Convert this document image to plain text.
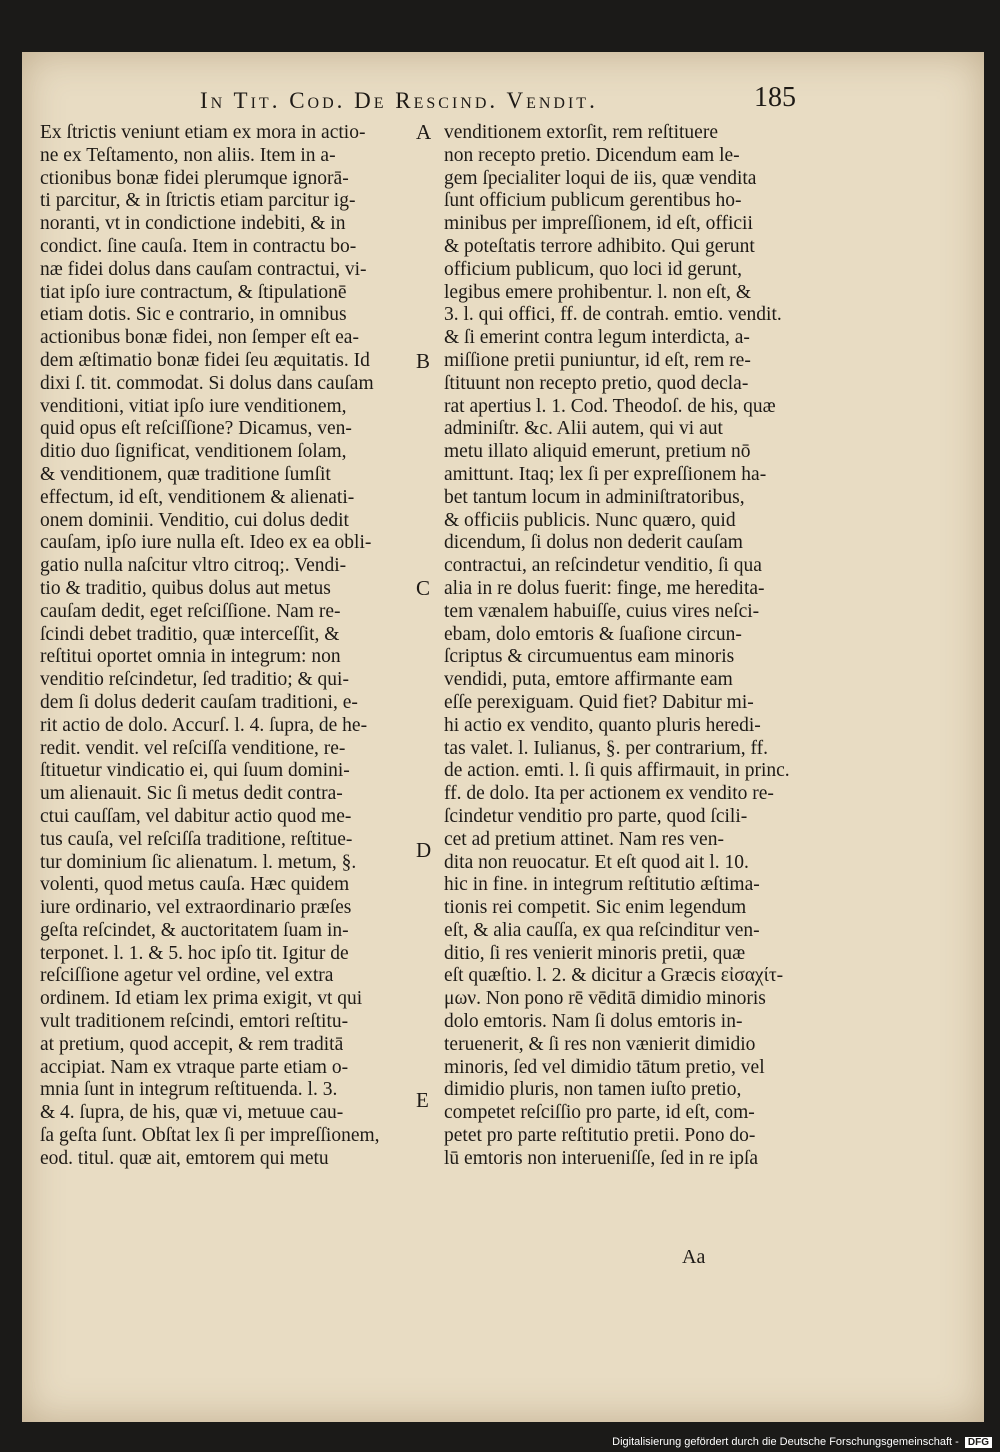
In Tit. Cod. De Rescind. Vendit.	185
Ex ſtrictis veniunt etiam ex mora in actio-
ne ex Teſtamento, non aliis. Item in a-
ctionibus bonæ fidei plerumque ignorā-
ti parcitur, & in ſtrictis etiam parcitur ig-
noranti, vt in condictione indebiti, & in
condict. ſine cauſa. Item in contractu bo-
næ fidei dolus dans cauſam contractui, vi-
tiat ipſo iure contractum, & ſtipulationē
etiam dotis. Sic e contrario, in omnibus
actionibus bonæ fidei, non ſemper eſt ea-
dem æſtimatio bonæ fidei ſeu æquitatis. Id
dixi ſ. tit. commodat. Si dolus dans cauſam
venditioni, vitiat ipſo iure venditionem,
quid opus eſt reſciſſione? Dicamus, ven-
ditio duo ſignificat, venditionem ſolam,
& venditionem, quæ traditione ſumſit
effectum, id eſt, venditionem & alienati-
onem dominii. Venditio, cui dolus dedit
cauſam, ipſo iure nulla eſt. Ideo ex ea obli-
gatio nulla naſcitur vltro citroq;. Vendi-
tio & traditio, quibus dolus aut metus
cauſam dedit, eget reſciſſione. Nam re-
ſcindi debet traditio, quæ interceſſit, &
reſtitui oportet omnia in integrum: non
venditio reſcindetur, ſed traditio; & qui-
dem ſi dolus dederit cauſam traditioni, e-
rit actio de dolo. Accurſ. l. 4. ſupra, de he-
redit. vendit. vel reſciſſa venditione, re-
ſtituetur vindicatio ei, qui ſuum domini-
um alienauit. Sic ſi metus dedit contra-
ctui cauſſam, vel dabitur actio quod me-
tus cauſa, vel reſciſſa traditione, reſtitue-
tur dominium ſic alienatum. l. metum, §.
volenti, quod metus cauſa. Hæc quidem
iure ordinario, vel extraordinario præſes
geſta reſcindet, & auctoritatem ſuam in-
terponet. l. 1. & 5. hoc ipſo tit. Igitur de
reſciſſione agetur vel ordine, vel extra
ordinem. Id etiam lex prima exigit, vt qui
vult traditionem reſcindi, emtori reſtitu-
at pretium, quod accepit, & rem traditā
accipiat. Nam ex vtraque parte etiam o-
mnia ſunt in integrum reſtituenda. l. 3.
& 4. ſupra, de his, quæ vi, metuue cau-
ſa geſta ſunt. Obſtat lex ſi per impreſſionem,
eod. titul. quæ ait, emtorem qui metu
venditionem extorſit, rem reſtituere
non recepto pretio. Dicendum eam le-
gem ſpecialiter loqui de iis, quæ vendita
ſunt officium publicum gerentibus ho-
minibus per impreſſionem, id eſt, officii
& poteſtatis terrore adhibito. Qui gerunt
officium publicum, quo loci id gerunt,
legibus emere prohibentur. l. non eſt, &
3. l. qui offici, ff. de contrah. emtio. vendit.
& ſi emerint contra legum interdicta, a-
miſſione pretii puniuntur, id eſt, rem re-
ſtituunt non recepto pretio, quod decla-
rat apertius l. 1. Cod. Theodoſ. de his, quæ
adminiſtr. &c. Alii autem, qui vi aut
metu illato aliquid emerunt, pretium nō
amittunt. Itaq; lex ſi per expreſſionem ha-
bet tantum locum in adminiſtratoribus,
& officiis publicis. Nunc quæro, quid
dicendum, ſi dolus non dederit cauſam
contractui, an reſcindetur venditio, ſi qua
alia in re dolus fuerit: finge, me heredita-
tem vænalem habuiſſe, cuius vires neſci-
ebam, dolo emtoris & ſuaſione circun-
ſcriptus & circumuentus eam minoris
vendidi, puta, emtore affirmante eam
eſſe perexiguam. Quid fiet? Dabitur mi-
hi actio ex vendito, quanto pluris heredi-
tas valet. l. Iulianus, §. per contrarium, ff.
de action. emti. l. ſi quis affirmauit, in princ.
ff. de dolo. Ita per actionem ex vendito re-
ſcindetur venditio pro parte, quod ſcili-
cet ad pretium attinet. Nam res ven-
dita non reuocatur. Et eſt quod ait l. 10.
hic in fine. in integrum reſtitutio æſtima-
tionis rei competit. Sic enim legendum
eſt, & alia cauſſa, ex qua reſcinditur ven-
ditio, ſi res venierit minoris pretii, quæ
eſt quæſtio. l. 2. & dicitur a Græcis εἰσαχίτ-
μων. Non pono rē vēditā dimidio minoris
dolo emtoris. Nam ſi dolus emtoris in-
teruenerit, & ſi res non vænierit dimidio
minoris, ſed vel dimidio tātum pretio, vel
dimidio pluris, non tamen iuſto pretio,
competet reſciſſio pro parte, id eſt, com-
petet pro parte reſtitutio pretii. Pono do-
lū emtoris non interueniſſe, ſed in re ipſa
A
B
C
D
E
Aa
Digitalisierung gefördert durch die Deutsche Forschungsgemeinschaft - DFG
